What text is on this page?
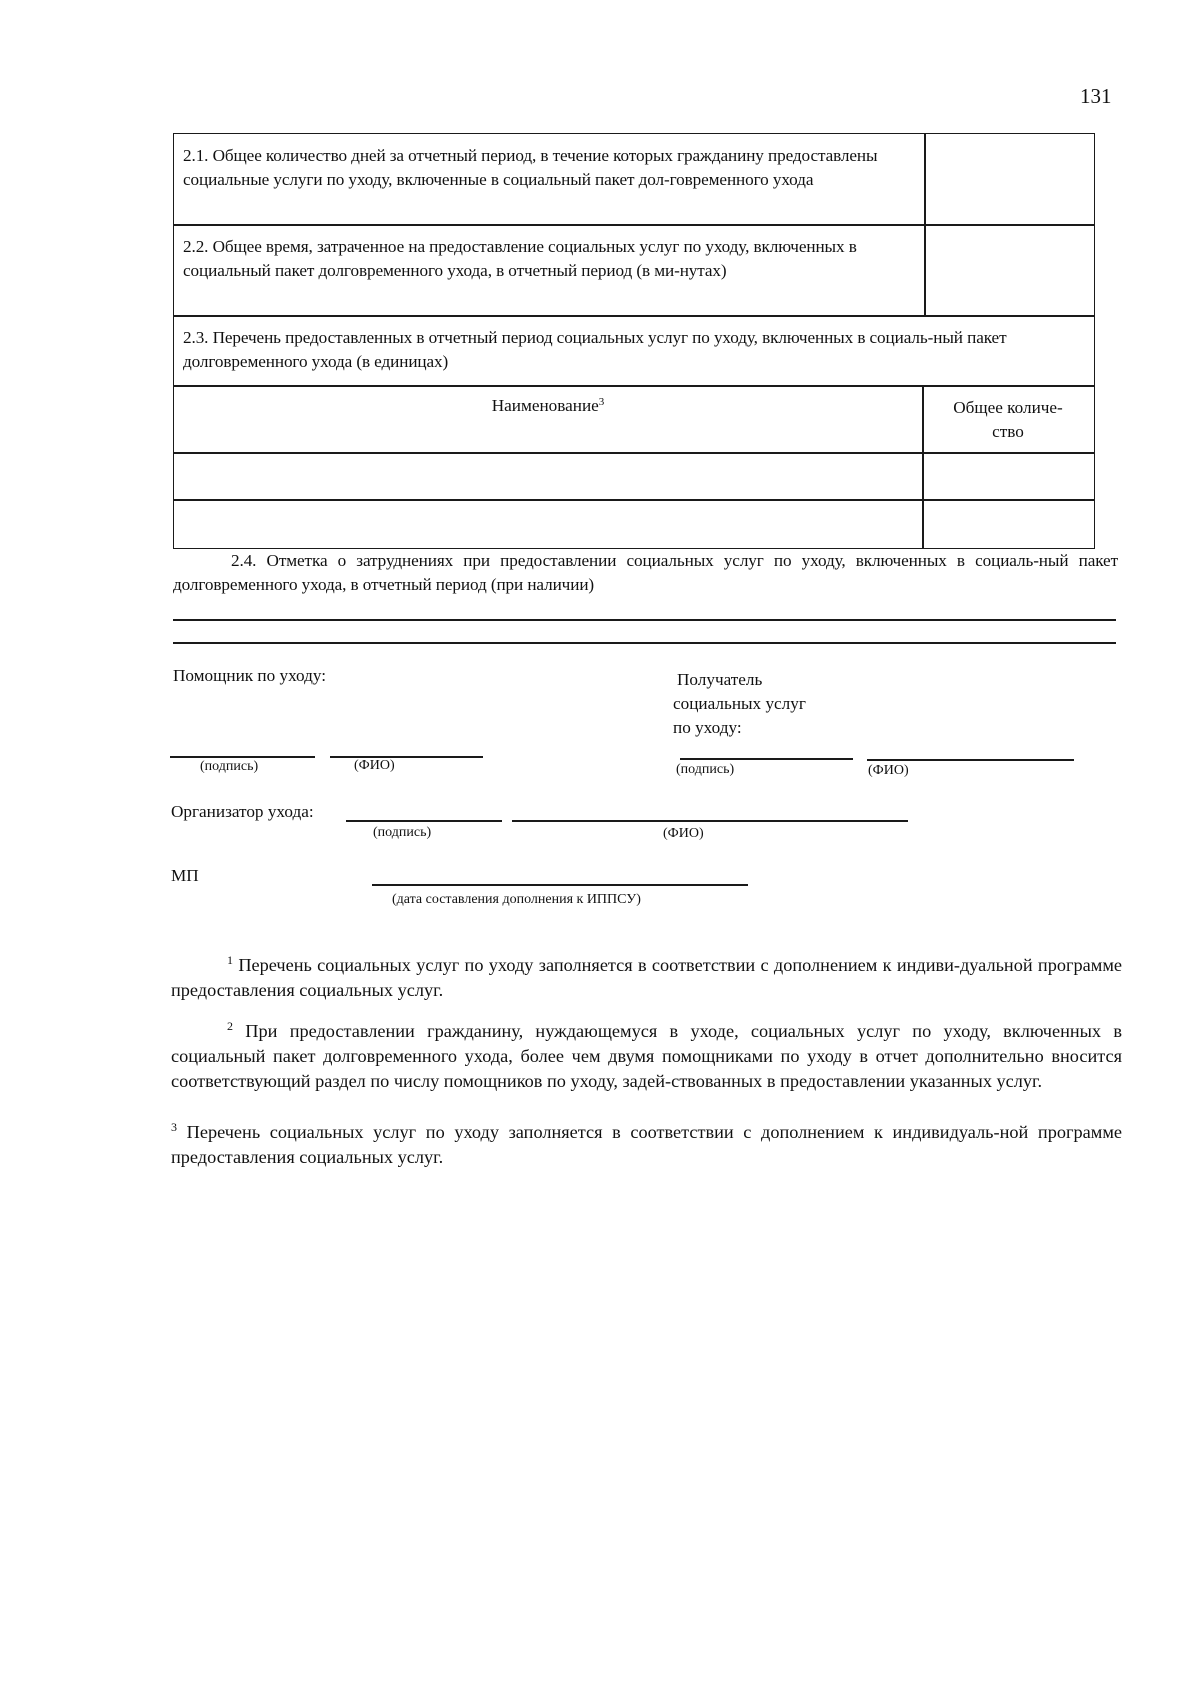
131
2.1. Общее количество дней за отчетный период, в течение которых гражданину предоставлены социальные услуги по уходу, включенные в социальный пакет дол-говременного ухода
2.2. Общее время, затраченное на предоставление социальных услуг по уходу, включенных в социальный пакет долговременного ухода, в отчетный период (в ми-нутах)
2.3. Перечень предоставленных в отчетный период социальных услуг по уходу, включенных в социаль-ный пакет долговременного ухода (в единицах)
Наименование$^3$	Общее количе-ство
2.4. Отметка о затруднениях при предоставлении социальных услуг по уходу, включенных в социаль-ный пакет долговременного ухода, в отчетный период (при наличии)
Помощник по уходу:	Получатель
социальных услуг
по уходу:
(подпись)	(ФИО)	(подпись)	(ФИО)
Организатор ухода:
(подпись)	(ФИО)
МП
(дата составления дополнения к ИППСУ)
$^1$ Перечень социальных услуг по уходу заполняется в соответствии с дополнением к индиви-дуальной программе предоставления социальных услуг.
$^2$ При предоставлении гражданину, нуждающемуся в уходе, социальных услуг по уходу, включенных в социальный пакет долговременного ухода, более чем двумя помощниками по уходу в отчет дополнительно вносится соответствующий раздел по числу помощников по уходу, задей-ствованных в предоставлении указанных услуг.
$^3$ Перечень социальных услуг по уходу заполняется в соответствии с дополнением к индивидуаль-ной программе предоставления социальных услуг.
